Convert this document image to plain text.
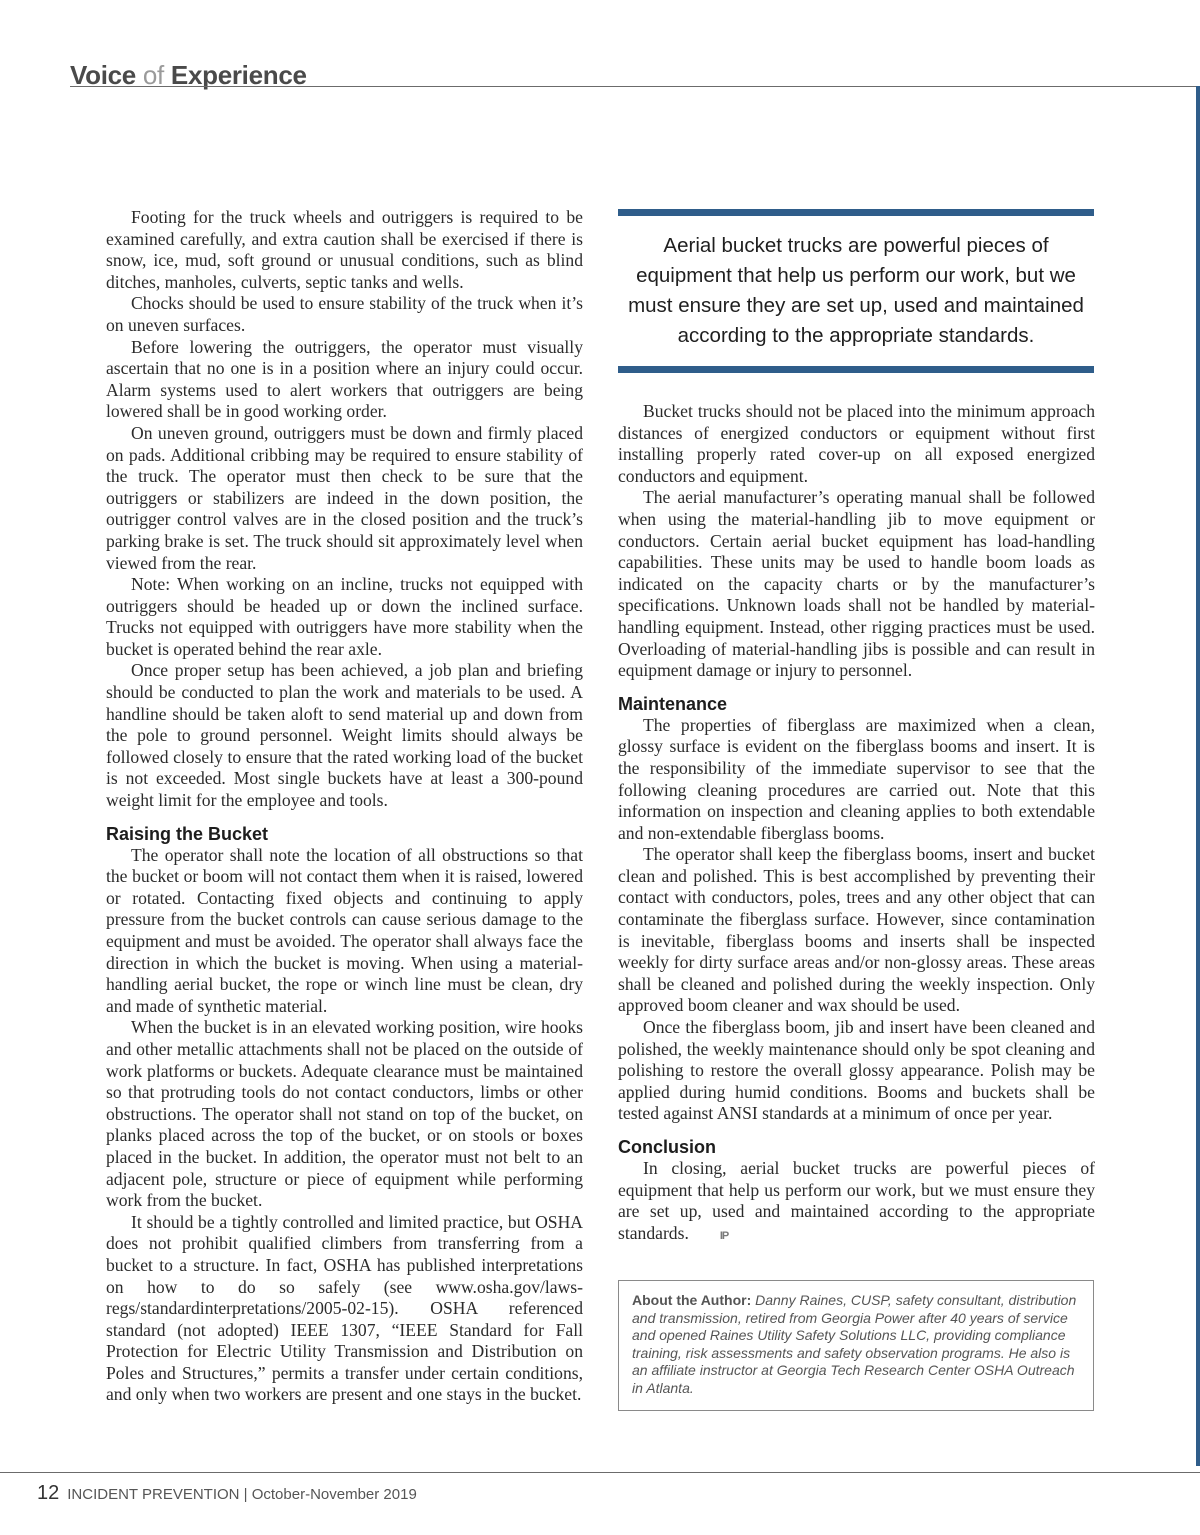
Voice of Experience

Footing for the truck wheels and outriggers is required to be examined carefully, and extra caution shall be exercised if there is snow, ice, mud, soft ground or unusual conditions, such as blind ditches, manholes, culverts, septic tanks and wells.

Chocks should be used to ensure stability of the truck when it’s on uneven surfaces.

Before lowering the outriggers, the operator must visually ascertain that no one is in a position where an injury could occur. Alarm systems used to alert workers that outriggers are being lowered shall be in good working order.

On uneven ground, outriggers must be down and firmly placed on pads. Additional cribbing may be required to ensure stability of the truck. The operator must then check to be sure that the outriggers or stabilizers are indeed in the down position, the outrigger control valves are in the closed position and the truck’s parking brake is set. The truck should sit approximately level when viewed from the rear.

Note: When working on an incline, trucks not equipped with outriggers should be headed up or down the inclined surface. Trucks not equipped with outriggers have more stability when the bucket is operated behind the rear axle.

Once proper setup has been achieved, a job plan and briefing should be conducted to plan the work and materials to be used. A handline should be taken aloft to send material up and down from the pole to ground personnel. Weight limits should always be followed closely to ensure that the rated working load of the bucket is not exceeded. Most single buckets have at least a 300-pound weight limit for the employee and tools.

Raising the Bucket

The operator shall note the location of all obstructions so that the bucket or boom will not contact them when it is raised, lowered or rotated. Contacting fixed objects and continuing to apply pressure from the bucket controls can cause serious damage to the equipment and must be avoided. The operator shall always face the direction in which the bucket is moving. When using a material-handling aerial bucket, the rope or winch line must be clean, dry and made of synthetic material.

When the bucket is in an elevated working position, wire hooks and other metallic attachments shall not be placed on the outside of work platforms or buckets. Adequate clearance must be maintained so that protruding tools do not contact conductors, limbs or other obstructions. The operator shall not stand on top of the bucket, on planks placed across the top of the bucket, or on stools or boxes placed in the bucket. In addition, the operator must not belt to an adjacent pole, structure or piece of equipment while performing work from the bucket.

It should be a tightly controlled and limited practice, but OSHA does not prohibit qualified climbers from transferring from a bucket to a structure. In fact, OSHA has published interpretations on how to do so safely (see www.osha.gov/laws-regs/standardinterpretations/2005-02-15). OSHA referenced standard (not adopted) IEEE 1307, “IEEE Standard for Fall Protection for Electric Utility Transmission and Distribution on Poles and Structures,” permits a transfer under certain conditions, and only when two workers are present and one stays in the bucket.

Aerial bucket trucks are powerful pieces of equipment that help us perform our work, but we must ensure they are set up, used and maintained according to the appropriate standards.

Bucket trucks should not be placed into the minimum approach distances of energized conductors or equipment without first installing properly rated cover-up on all exposed energized conductors and equipment.

The aerial manufacturer’s operating manual shall be followed when using the material-handling jib to move equipment or conductors. Certain aerial bucket equipment has load-handling capabilities. These units may be used to handle boom loads as indicated on the capacity charts or by the manufacturer’s specifications. Unknown loads shall not be handled by material-handling equipment. Instead, other rigging practices must be used. Overloading of material-handling jibs is possible and can result in equipment damage or injury to personnel.

Maintenance

The properties of fiberglass are maximized when a clean, glossy surface is evident on the fiberglass booms and insert. It is the responsibility of the immediate supervisor to see that the following cleaning procedures are carried out. Note that this information on inspection and cleaning applies to both extendable and non-extendable fiberglass booms.

The operator shall keep the fiberglass booms, insert and bucket clean and polished. This is best accomplished by preventing their contact with conductors, poles, trees and any other object that can contaminate the fiberglass surface. However, since contamination is inevitable, fiberglass booms and inserts shall be inspected weekly for dirty surface areas and/or non-glossy areas. These areas shall be cleaned and polished during the weekly inspection. Only approved boom cleaner and wax should be used.

Once the fiberglass boom, jib and insert have been cleaned and polished, the weekly maintenance should only be spot cleaning and polishing to restore the overall glossy appearance. Polish may be applied during humid conditions. Booms and buckets shall be tested against ANSI standards at a minimum of once per year.

Conclusion

In closing, aerial bucket trucks are powerful pieces of equipment that help us perform our work, but we must ensure they are set up, used and maintained according to the appropriate standards.	IP

About the Author: Danny Raines, CUSP, safety consultant, distribution and transmission, retired from Georgia Power after 40 years of service and opened Raines Utility Safety Solutions LLC, providing compliance training, risk assessments and safety observation programs. He also is an affiliate instructor at Georgia Tech Research Center OSHA Outreach in Atlanta.
12 INCIDENT PREVENTION | October-November 2019
